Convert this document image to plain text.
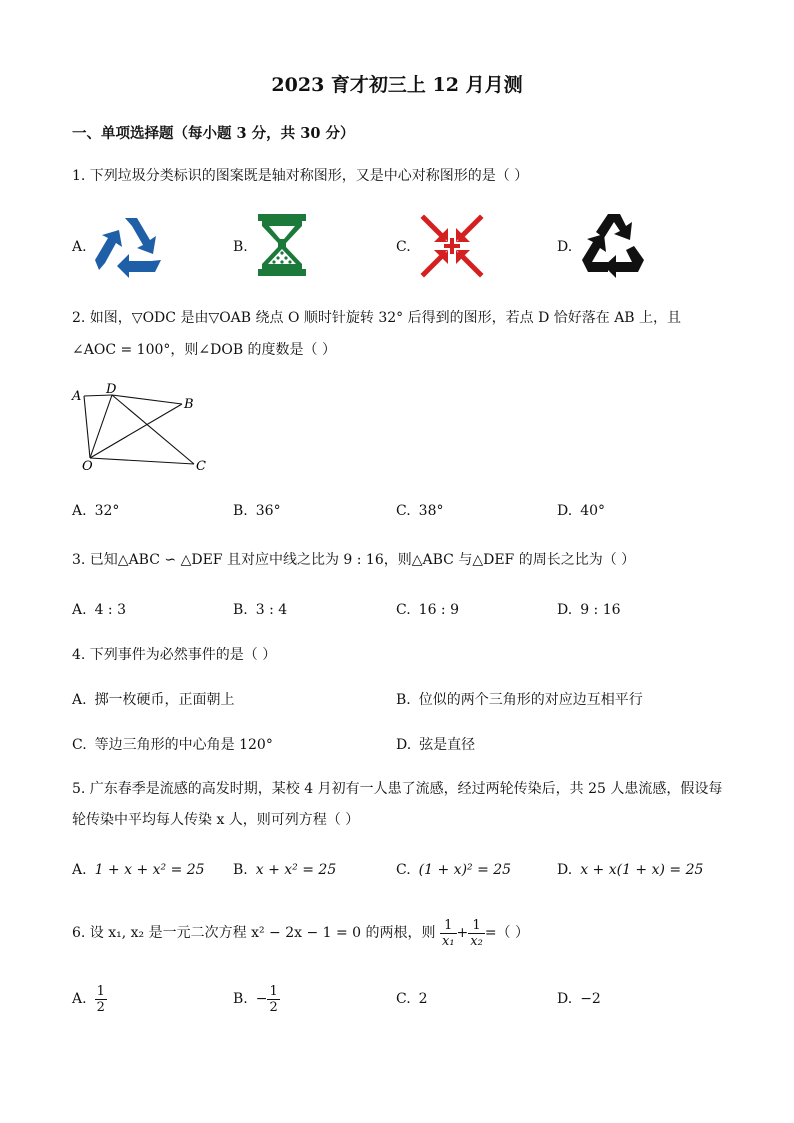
2023 育才初三上 12 月月测
一、单项选择题（每小题 3 分，共 30 分）
1. 下列垃圾分类标识的图案既是轴对称图形，又是中心对称图形的是（ ）
A.	B.	C.	D.
2. 如图，▽ODC 是由▽OAB 绕点 O 顺时针旋转 32° 后得到的图形，若点 D 恰好落在 AB 上，且
∠AOC = 100°，则∠DOB 的度数是（ ）
A D
B
O	C
A. 32°	B. 36°	C. 38°	D. 40°
3. 已知△ABC ∽ △DEF 且对应中线之比为 9 : 16，则△ABC 与△DEF 的周长之比为（ ）
A. 4 : 3	B. 3 : 4	C. 16 : 9	D. 9 : 16
4. 下列事件为必然事件的是（ ）
A. 掷一枚硬币，正面朝上	B. 位似的两个三角形的对应边互相平行
C. 等边三角形的中心角是 120°	D. 弦是直径
5. 广东春季是流感的高发时期，某校 4 月初有一人患了流感，经过两轮传染后，共 25 人患流感，假设每
轮传染中平均每人传染 x 人，则可列方程（ ）
A. 1 + x + x² = 25 B. x + x² = 25	C. (1 + x)² = 25	D. x + x(1 + x) = 25
6. 设 x₁, x₂ 是一元二次方程 x² − 2x − 1 = 0 的两根，则 $\frac{1}{\text{x₁}} + \frac{1}{\text{x₂}}$ =（ ）
A. $\frac{1}{2}$	B. − $\frac{1}{2}$	C. 2	D. −2
